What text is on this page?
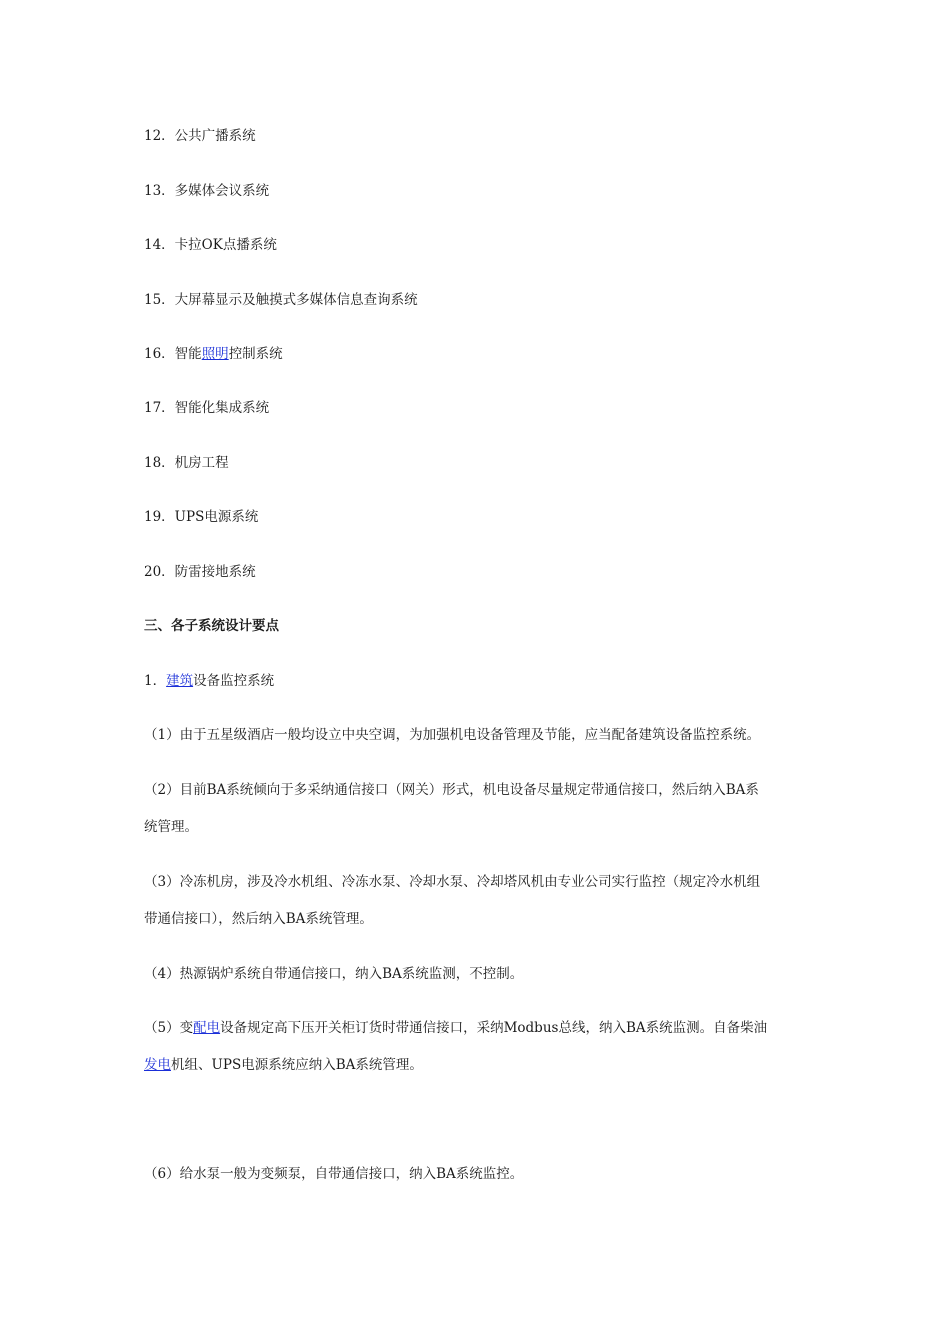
12．公共广播系统
13．多媒体会议系统
14．卡拉OK点播系统
15．大屏幕显示及触摸式多媒体信息查询系统
16．智能照明控制系统
17．智能化集成系统
18．机房工程
19．UPS电源系统
20．防雷接地系统
三、各子系统设计要点
1．建筑设备监控系统
（1）由于五星级酒店一般均设立中央空调，为加强机电设备管理及节能，应当配备建筑设备监控系统。
（2）目前BA系统倾向于多采纳通信接口（网关）形式，机电设备尽量规定带通信接口，然后纳入BA系
统管理。
（3）冷冻机房，涉及冷水机组、冷冻水泵、冷却水泵、冷却塔风机由专业公司实行监控（规定冷水机组
带通信接口），然后纳入BA系统管理。
（4）热源锅炉系统自带通信接口，纳入BA系统监测，不控制。
（5）变配电设备规定高下压开关柜订货时带通信接口，采纳Modbus总线，纳入BA系统监测。自备柴油
发电机组、UPS电源系统应纳入BA系统管理。
（6）给水泵一般为变频泵，自带通信接口，纳入BA系统监控。
